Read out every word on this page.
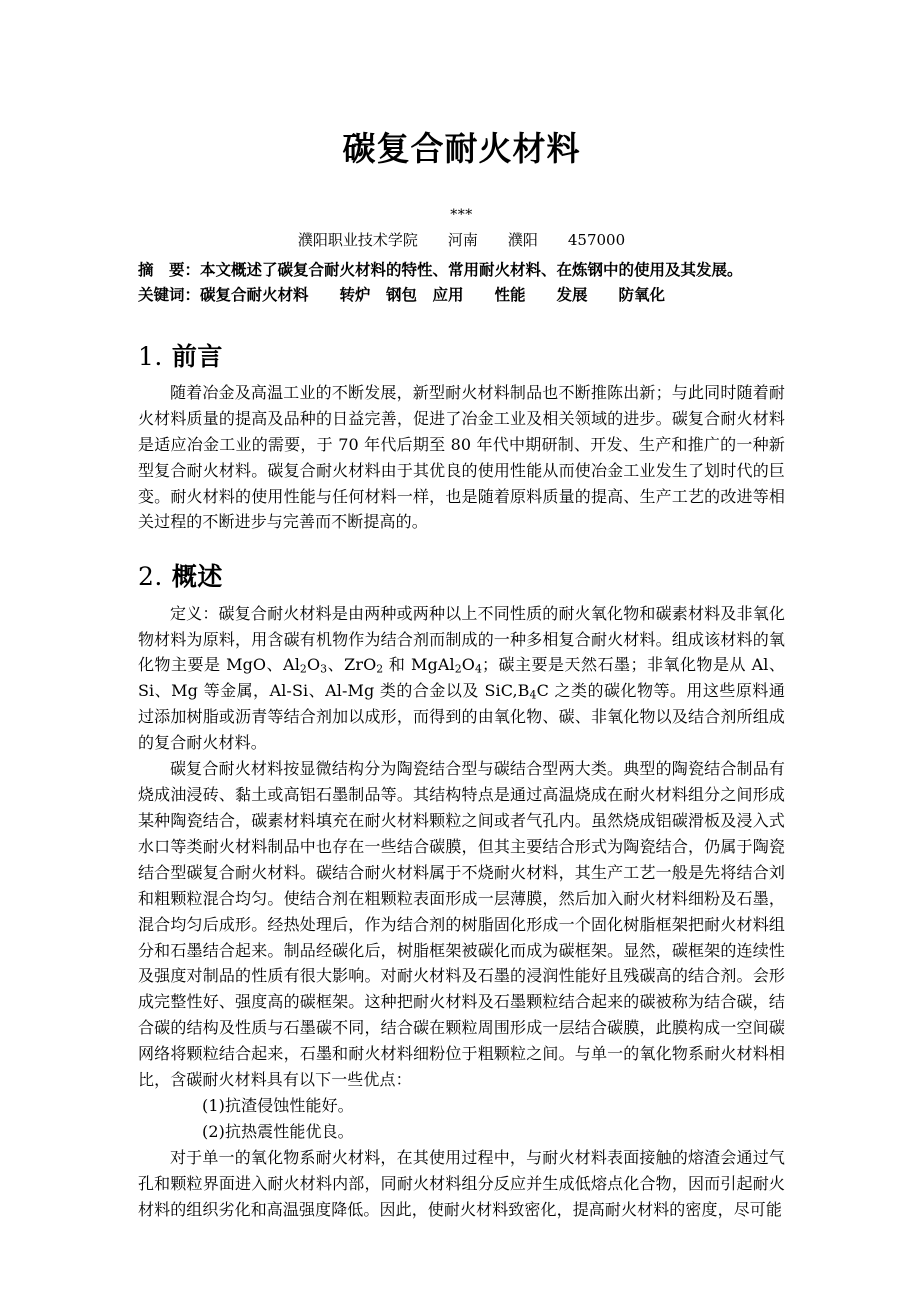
碳复合耐火材料
***
濮阳职业技术学院　　河南　　濮阳　　457000
摘　要：本文概述了碳复合耐火材料的特性、常用耐火材料、在炼钢中的使用及其发展。
关键词：碳复合耐火材料　　转炉　钢包　应用　　性能　　发展　　防氧化
1. 前言

随着冶金及高温工业的不断发展，新型耐火材料制品也不断推陈出新；与此同时随着耐火材料质量的提高及品种的日益完善，促进了冶金工业及相关领域的进步。碳复合耐火材料是适应冶金工业的需要，于 70 年代后期至 80 年代中期研制、开发、生产和推广的一种新型复合耐火材料。碳复合耐火材料由于其优良的使用性能从而使冶金工业发生了划时代的巨变。耐火材料的使用性能与任何材料一样，也是随着原料质量的提高、生产工艺的改进等相关过程的不断进步与完善而不断提高的。

2. 概述

定义：碳复合耐火材料是由两种或两种以上不同性质的耐火氧化物和碳素材料及非氧化物材料为原料，用含碳有机物作为结合剂而制成的一种多相复合耐火材料。组成该材料的氧化物主要是 MgO、$Al_2O_3$、ZrO$_2$ 和 $MgAl_2O_4$；碳主要是天然石墨；非氧化物是从 Al、Si、Mg 等金属，Al-Si、Al-Mg 类的合金以及 $SiC,B_4C$ 之类的碳化物等。用这些原料通过添加树脂或沥青等结合剂加以成形，而得到的由氧化物、碳、非氧化物以及结合剂所组成的复合耐火材料。

碳复合耐火材料按显微结构分为陶瓷结合型与碳结合型两大类。典型的陶瓷结合制品有烧成油浸砖、黏土或高铝石墨制品等。其结构特点是通过高温烧成在耐火材料组分之间形成某种陶瓷结合，碳素材料填充在耐火材料颗粒之间或者气孔内。虽然烧成铝碳滑板及浸入式水口等类耐火材料制品中也存在一些结合碳膜，但其主要结合形式为陶瓷结合，仍属于陶瓷结合型碳复合耐火材料。碳结合耐火材料属于不烧耐火材料，其生产工艺一般是先将结合刘和粗颗粒混合均匀。使结合剂在粗颗粒表面形成一层薄膜，然后加入耐火材料细粉及石墨，混合均匀后成形。经热处理后，作为结合剂的树脂固化形成一个固化树脂框架把耐火材料组分和石墨结合起来。制品经碳化后，树脂框架被碳化而成为碳框架。显然，碳框架的连续性及强度对制品的性质有很大影响。对耐火材料及石墨的浸润性能好且残碳高的结合剂。会形成完整性好、强度高的碳框架。这种把耐火材料及石墨颗粒结合起来的碳被称为结合碳，结合碳的结构及性质与石墨碳不同，结合碳在颗粒周围形成一层结合碳膜，此膜构成一空间碳网络将颗粒结合起来，石墨和耐火材料细粉位于粗颗粒之间。与单一的氧化物系耐火材料相比，含碳耐火材料具有以下一些优点：

(1)抗渣侵蚀性能好。

(2)抗热震性能优良。

对于单一的氧化物系耐火材料，在其使用过程中，与耐火材料表面接触的熔渣会通过气孔和颗粒界面进入耐火材料内部，同耐火材料组分反应并生成低熔点化合物，因而引起耐火材料的组织劣化和高温强度降低。因此，使耐火材料致密化，提高耐火材料的密度，尽可能
